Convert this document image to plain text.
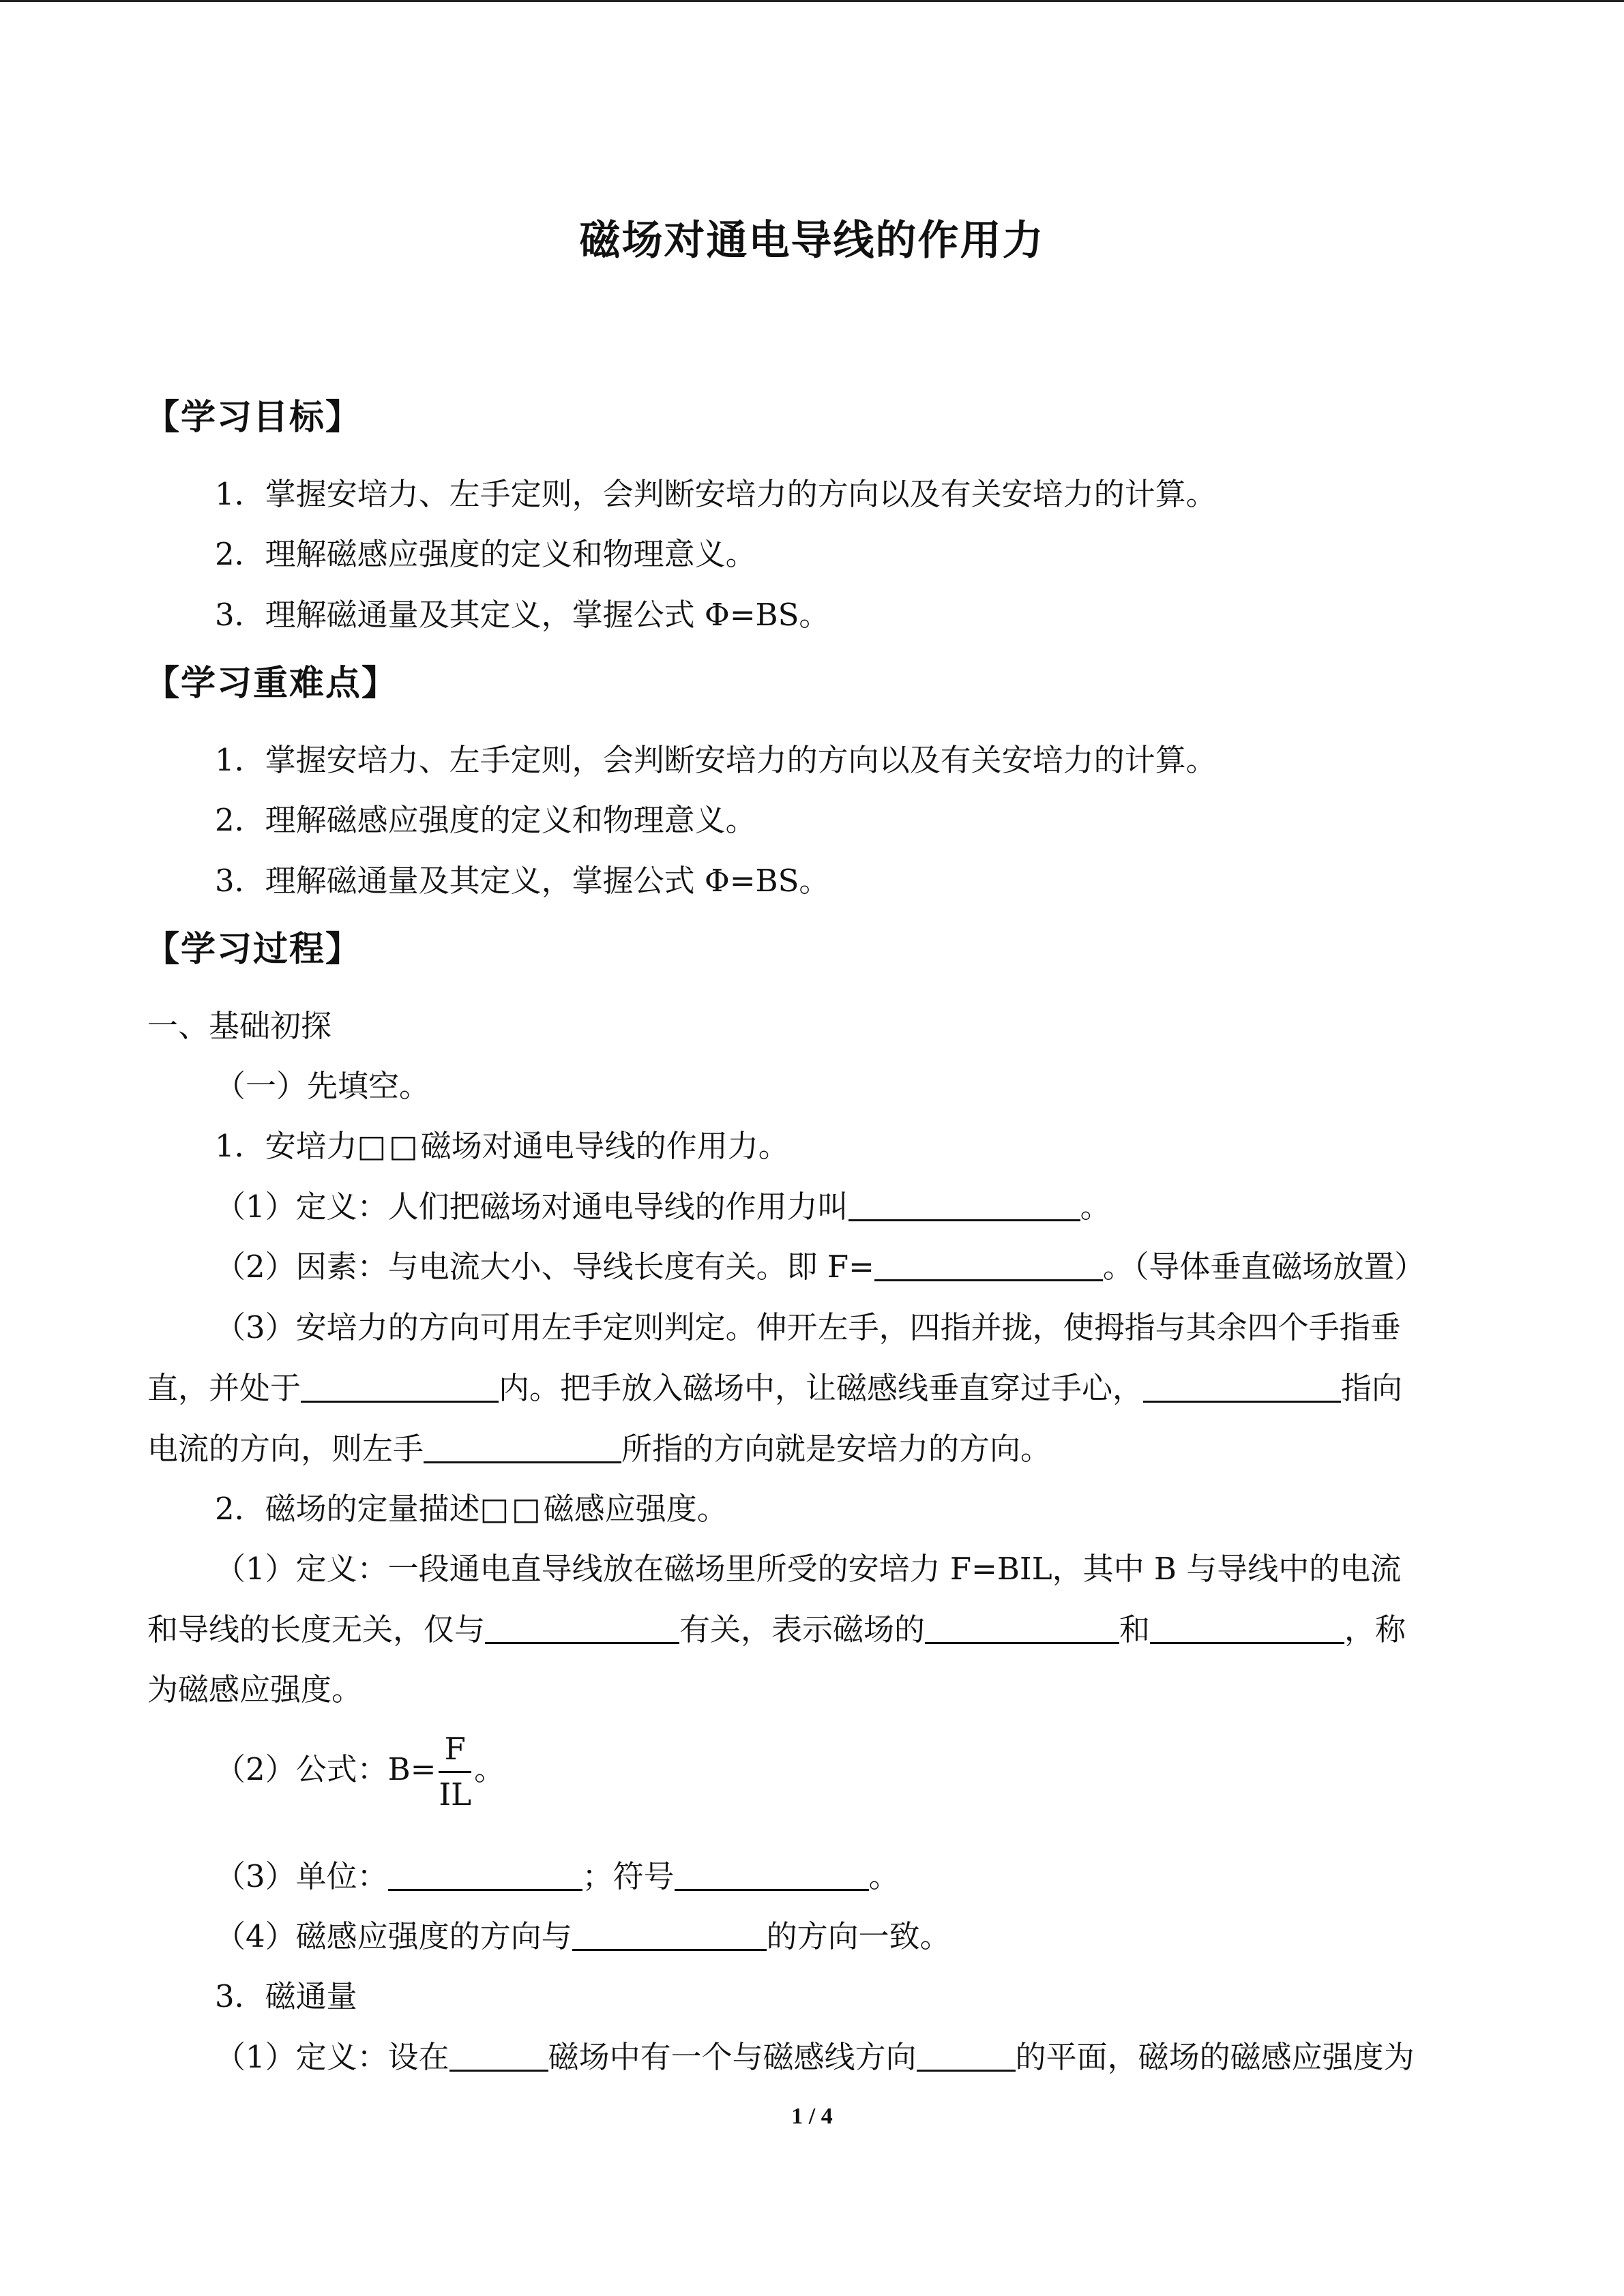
磁场对通电导线的作用力
【学习目标】
1．掌握安培力、左手定则，会判断安培力的方向以及有关安培力的计算。
2．理解磁感应强度的定义和物理意义。
3．理解磁通量及其定义，掌握公式 Φ=BS。
【学习重难点】
1．掌握安培力、左手定则，会判断安培力的方向以及有关安培力的计算。
2．理解磁感应强度的定义和物理意义。
3．理解磁通量及其定义，掌握公式 Φ=BS。
【学习过程】
一、基础初探
（一）先填空。
1．安培力□□磁场对通电导线的作用力。
（1）定义：人们把磁场对通电导线的作用力叫	。
（2）因素：与电流大小、导线长度有关。即 F=	。（导体垂直磁场放置）
（3）安培力的方向可用左手定则判定。伸开左手，四指并拢，使拇指与其余四个手指垂
直，并处于	内。把手放入磁场中，让磁感线垂直穿过手心，	指向
电流的方向，则左手	所指的方向就是安培力的方向。
2．磁场的定量描述□□磁感应强度。
（1）定义：一段通电直导线放在磁场里所受的安培力 F=BIL，其中 B 与导线中的电流
和导线的长度无关，仅与	有关，表示磁场的	和	，称
为磁感应强度。
（2）公式：$B= \frac{F}{IL}$ 。
（3）单位：	；符号	。
（4）磁感应强度的方向与	的方向一致。
3．磁通量
（1）定义：设在	磁场中有一个与磁感线方向	的平面，磁场的磁感应强度为
1 / 4
